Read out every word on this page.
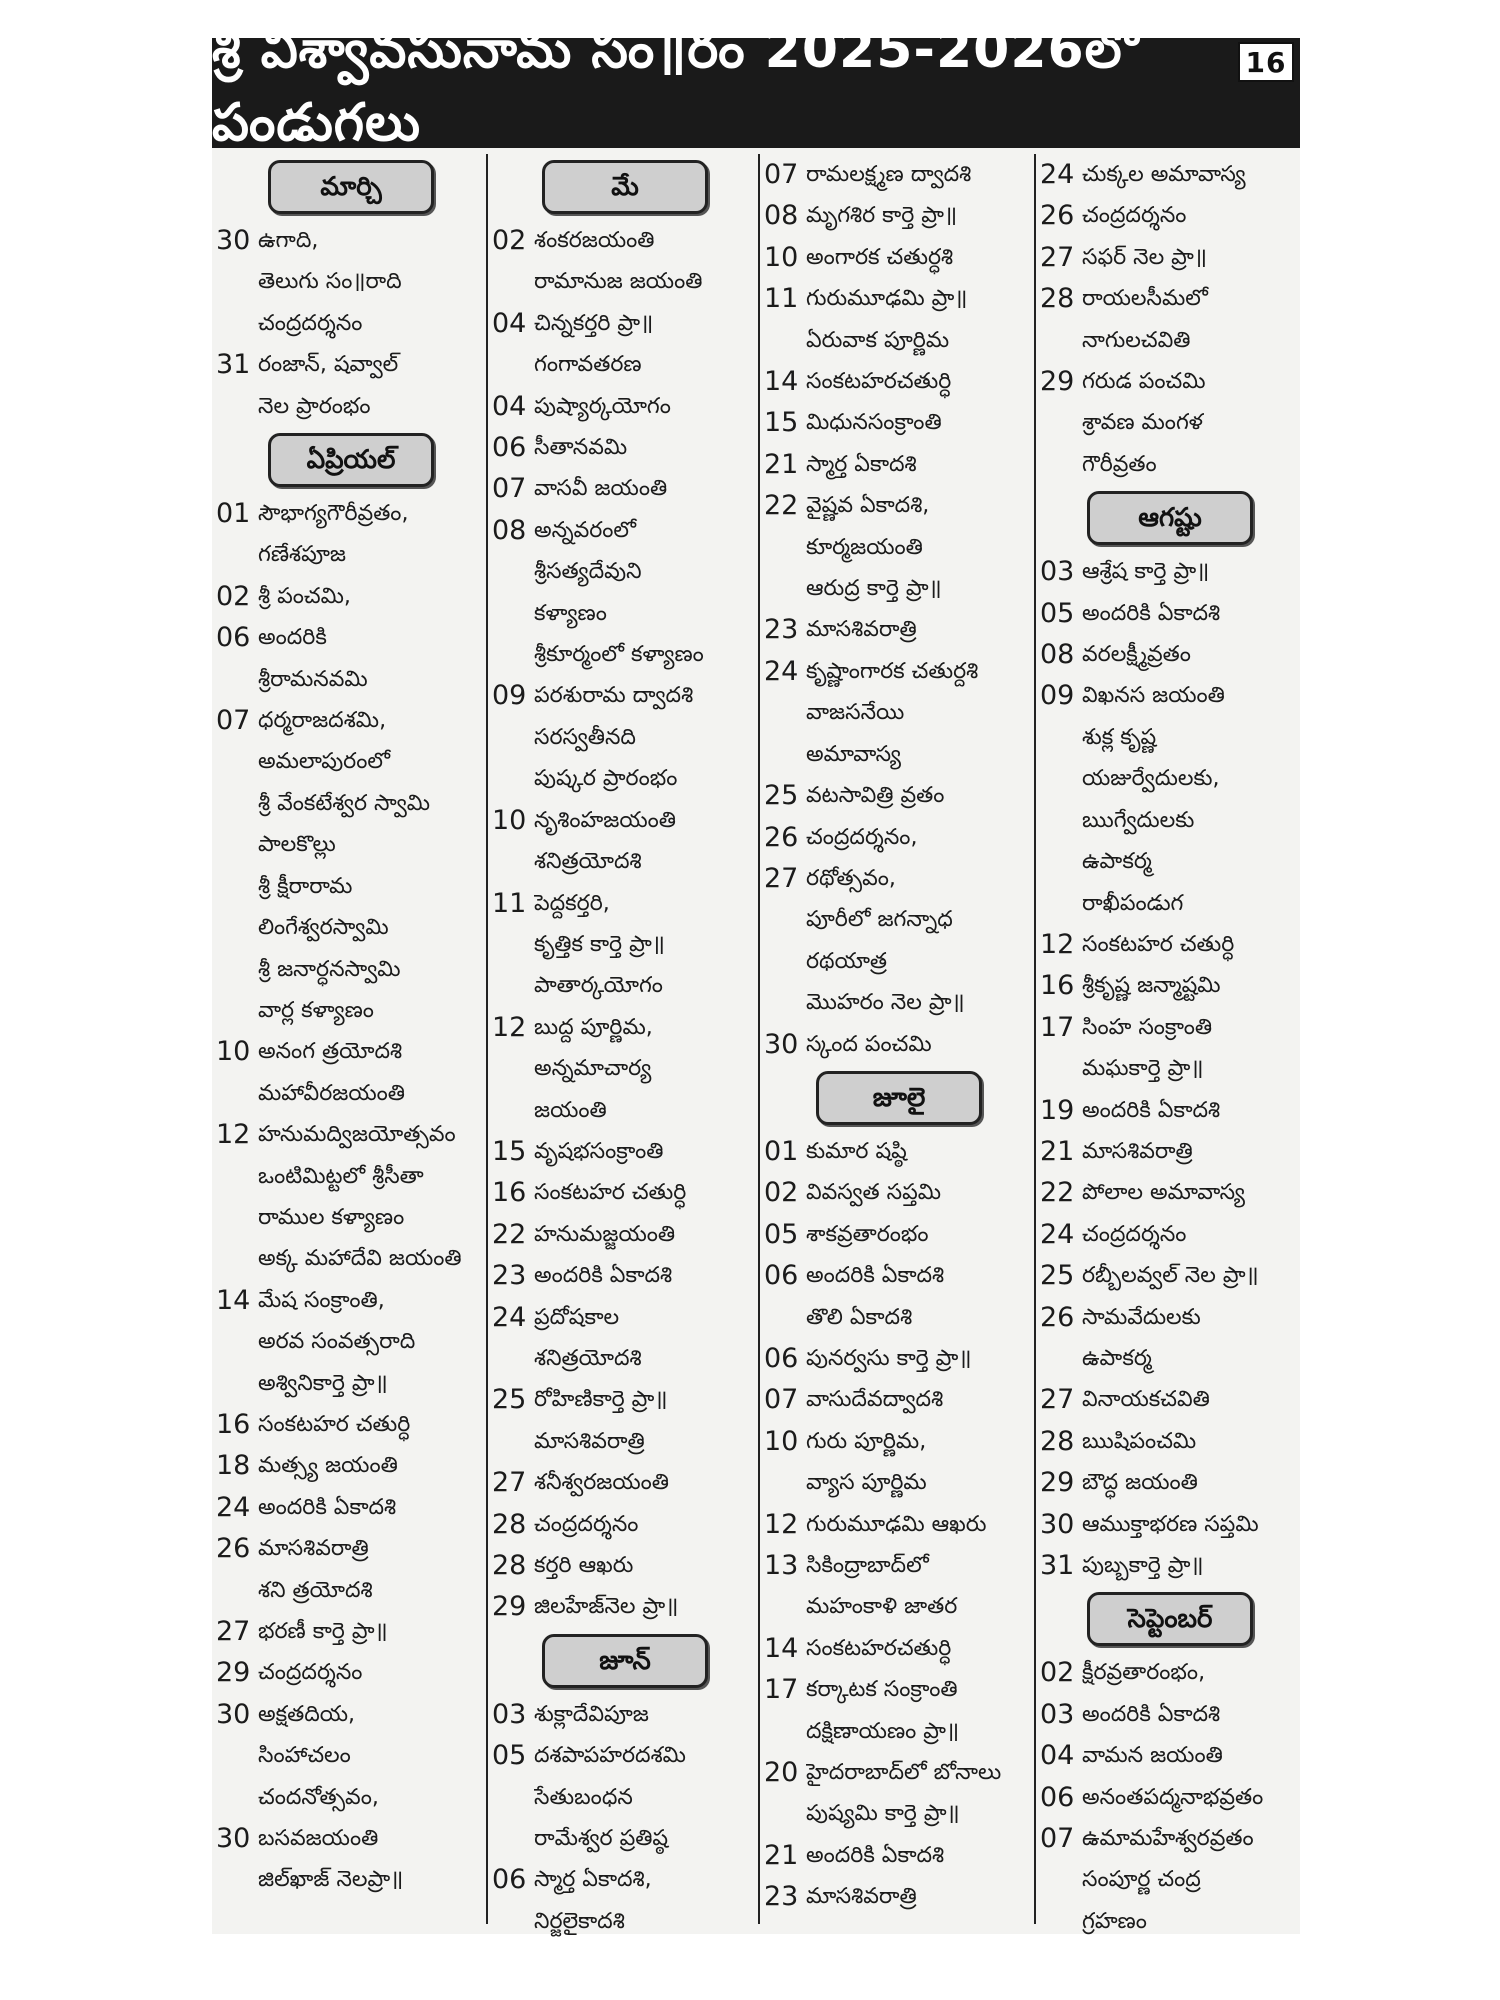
శ్రీ విశ్వావసునామ సం॥రం 2025-2026లో పండుగలు
16
మార్చి
30 ఉగాది,
తెలుగు సం॥రాది
చంద్రదర్శనం
31 రంజాన్, షవ్వాల్
నెల ప్రారంభం
ఏప్రియల్
01 సౌభాగ్యగౌరీవ్రతం,
గణేశపూజ
02 శ్రీ పంచమి,
06 అందరికి
శ్రీరామనవమి
07 ధర్మరాజదశమి,
అమలాపురంలో
శ్రీ వేంకటేశ్వర స్వామి
పాలకొల్లు
శ్రీ క్షీరారామ
లింగేశ్వరస్వామి
శ్రీ జనార్ధనస్వామి
వార్ల కళ్యాణం
10 అనంగ త్రయోదశి
మహావీరజయంతి
12 హనుమద్విజయోత్సవం
ఒంటిమిట్టలో శ్రీసీతా
రాముల కళ్యాణం
అక్క మహాదేవి జయంతి
14 మేష సంక్రాంతి,
అరవ సంవత్సరాది
అశ్వినికార్తె ప్రా॥
16 సంకటహర చతుర్ధి
18 మత్స్య జయంతి
24 అందరికి ఏకాదశి
26 మాసశివరాత్రి
శని త్రయోదశి
27 భరణీ కార్తె ప్రా॥
29 చంద్రదర్శనం
30 అక్షతదియ,
సింహాచలం
చందనోత్సవం,
30 బసవజయంతి
జిల్‌ఖాజ్ నెలప్రా॥
మే
02 శంకరజయంతి
రామానుజ జయంతి
04 చిన్నకర్తరి ప్రా॥
గంగావతరణ
04 పుష్యార్కయోగం
06 సీతానవమి
07 వాసవీ జయంతి
08 అన్నవరంలో
శ్రీసత్యదేవుని
కళ్యాణం
శ్రీకూర్మంలో కళ్యాణం
09 పరశురామ ద్వాదశి
సరస్వతీనది
పుష్కర ప్రారంభం
10 నృశింహజయంతి
శనిత్రయోదశి
11 పెద్దకర్తరి,
కృత్తిక కార్తె ప్రా॥
పాతార్కయోగం
12 బుద్ద పూర్ణిమ,
అన్నమాచార్య
జయంతి
15 వృషభసంక్రాంతి
16 సంకటహర చతుర్ధి
22 హనుమజ్జయంతి
23 అందరికి ఏకాదశి
24 ప్రదోషకాల
శనిత్రయోదశి
25 రోహిణికార్తె ప్రా॥
మాసశివరాత్రి
27 శనీశ్వరజయంతి
28 చంద్రదర్శనం
28 కర్తరి ఆఖరు
29 జిలహేజ్‌నెల ప్రా॥
జూన్
03 శుక్లాదేవిపూజ
05 దశపాపహరదశమి
సేతుబంధన
రామేశ్వర ప్రతిష్ఠ
06 స్మార్త ఏకాదశి,
నిర్జలైకాదశి
07 రామలక్ష్మణ ద్వాదశి
08 మృగశిర కార్తె ప్రా॥
10 అంగారక చతుర్ధశి
11 గురుమూఢమి ప్రా॥
ఏరువాక పూర్ణిమ
14 సంకటహరచతుర్ధి
15 మిధునసంక్రాంతి
21 స్మార్త ఏకాదశి
22 వైష్ణవ ఏకాదశి,
కూర్మజయంతి
ఆరుద్ర కార్తె ప్రా॥
23 మాసశివరాత్రి
24 కృష్ణాంగారక చతుర్దశి
వాజసనేయి
అమావాస్య
25 వటసావిత్రి వ్రతం
26 చంద్రదర్శనం,
27 రథోత్సవం,
పూరీలో జగన్నాధ
రథయాత్ర
మొహరం నెల ప్రా॥
30 స్కంద పంచమి
జూలై
01 కుమార షష్ఠి
02 వివస్వత సప్తమి
05 శాకవ్రతారంభం
06 అందరికి ఏకాదశి
తొలి ఏకాదశి
06 పునర్వసు కార్తె ప్రా॥
07 వాసుదేవద్వాదశి
10 గురు పూర్ణిమ,
వ్యాస పూర్ణిమ
12 గురుమూఢమి ఆఖరు
13 సికింద్రాబాద్‌లో
మహంకాళి జాతర
14 సంకటహరచతుర్ధి
17 కర్కాటక సంక్రాంతి
దక్షిణాయణం ప్రా॥
20 హైదరాబాద్‌లో బోనాలు
పుష్యమి కార్తె ప్రా॥
21 అందరికి ఏకాదశి
23 మాసశివరాత్రి
24 చుక్కల అమావాస్య
26 చంద్రదర్శనం
27 సఫర్ నెల ప్రా॥
28 రాయలసీమలో
నాగులచవితి
29 గరుడ పంచమి
శ్రావణ మంగళ
గౌరీవ్రతం
ఆగష్టు
03 ఆశ్రేష కార్తె ప్రా॥
05 అందరికి ఏకాదశి
08 వరలక్ష్మీవ్రతం
09 విఖనస జయంతి
శుక్ల కృష్ణ
యజుర్వేదులకు,
ఋగ్వేదులకు
ఉపాకర్మ
రాఖీపండుగ
12 సంకటహర చతుర్ధి
16 శ్రీకృష్ణ జన్మాష్టమి
17 సింహ సంక్రాంతి
మఘకార్తె ప్రా॥
19 అందరికి ఏకాదశి
21 మాసశివరాత్రి
22 పోలాల అమావాస్య
24 చంద్రదర్శనం
25 రబ్బీలవ్వల్ నెల ప్రా॥
26 సామవేదులకు
ఉపాకర్మ
27 వినాయకచవితి
28 ఋషిపంచమి
29 బౌద్ధ జయంతి
30 ఆముక్తాభరణ సప్తమి
31 పుబ్బకార్తె ప్రా॥
సెప్టెంబర్
02 క్షీరవ్రతారంభం,
03 అందరికి ఏకాదశి
04 వామన జయంతి
06 అనంతపద్మనాభవ్రతం
07 ఉమామహేశ్వరవ్రతం
సంపూర్ణ చంద్ర
గ్రహణం
